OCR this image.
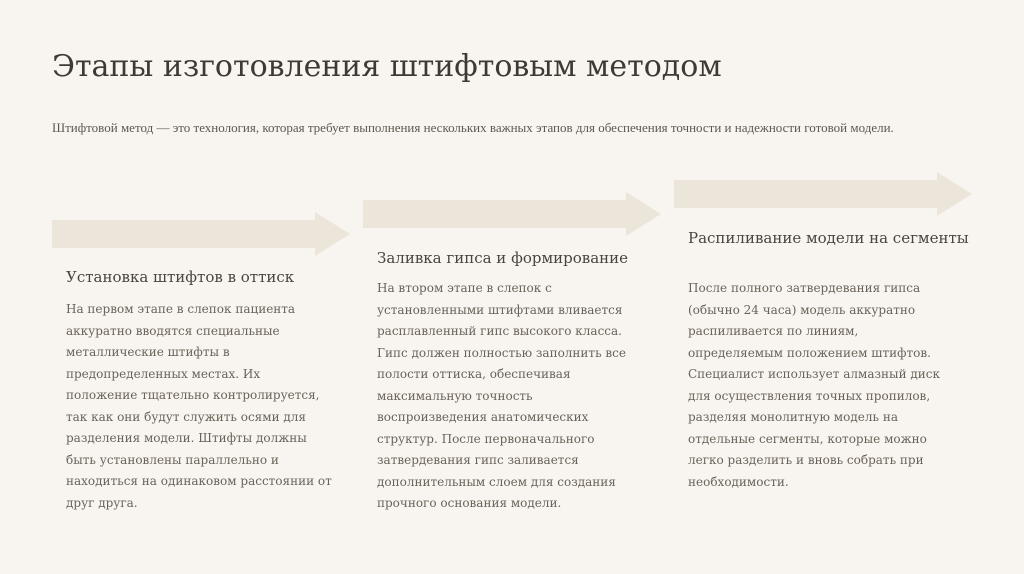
Этапы изготовления штифтовым методом

Штифтовой метод — это технология, которая требует выполнения нескольких важных этапов для обеспечения точности и надежности готовой модели.

Установка штифтов в оттиск

На первом этапе в слепок пациента аккуратно вводятся специальные металлические штифты в предопределенных местах. Их положение тщательно контролируется, так как они будут служить осями для разделения модели. Штифты должны быть установлены параллельно и находиться на одинаковом расстоянии от друг друга.

Заливка гипса и формирование

На втором этапе в слепок с установленными штифтами вливается расплавленный гипс высокого класса. Гипс должен полностью заполнить все полости оттиска, обеспечивая максимальную точность воспроизведения анатомических структур. После первоначального затвердевания гипс заливается дополнительным слоем для создания прочного основания модели.

Распиливание модели на сегменты

После полного затвердевания гипса (обычно 24 часа) модель аккуратно распиливается по линиям, определяемым положением штифтов. Специалист использует алмазный диск для осуществления точных пропилов, разделяя монолитную модель на отдельные сегменты, которые можно легко разделить и вновь собрать при необходимости.
